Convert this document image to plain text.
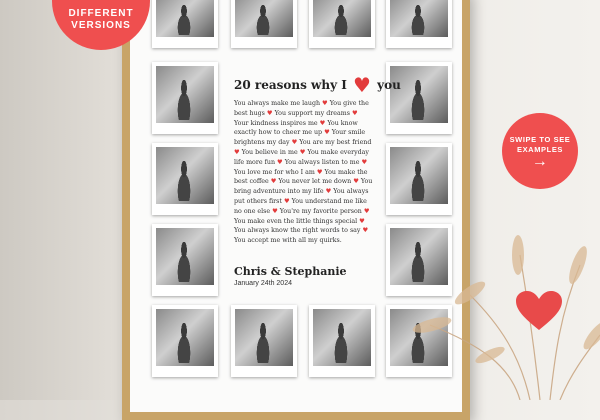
20 reasons why I ♥ you
You always make me laugh ♥ You give the best hugs ♥ You support my dreams ♥ Your kindness inspires me ♥ You know exactly how to cheer me up ♥ Your smile brightens my day ♥ You are my best friend ♥ You believe in me ♥ You make everyday life more fun ♥ You always listen to me ♥ You love me for who I am ♥ You make the best coffee ♥ You never let me down ♥ You bring adventure into my life ♥ You always put others first ♥ You understand me like no one else ♥ You're my favorite person ♥ You make even the little things special ♥ You always know the right words to say ♥ You accept me with all my quirks.
Chris & Stephanie
January 24th 2024
DIFFERENT
VERSIONS
SWIPE TO SEE
EXAMPLES
→
